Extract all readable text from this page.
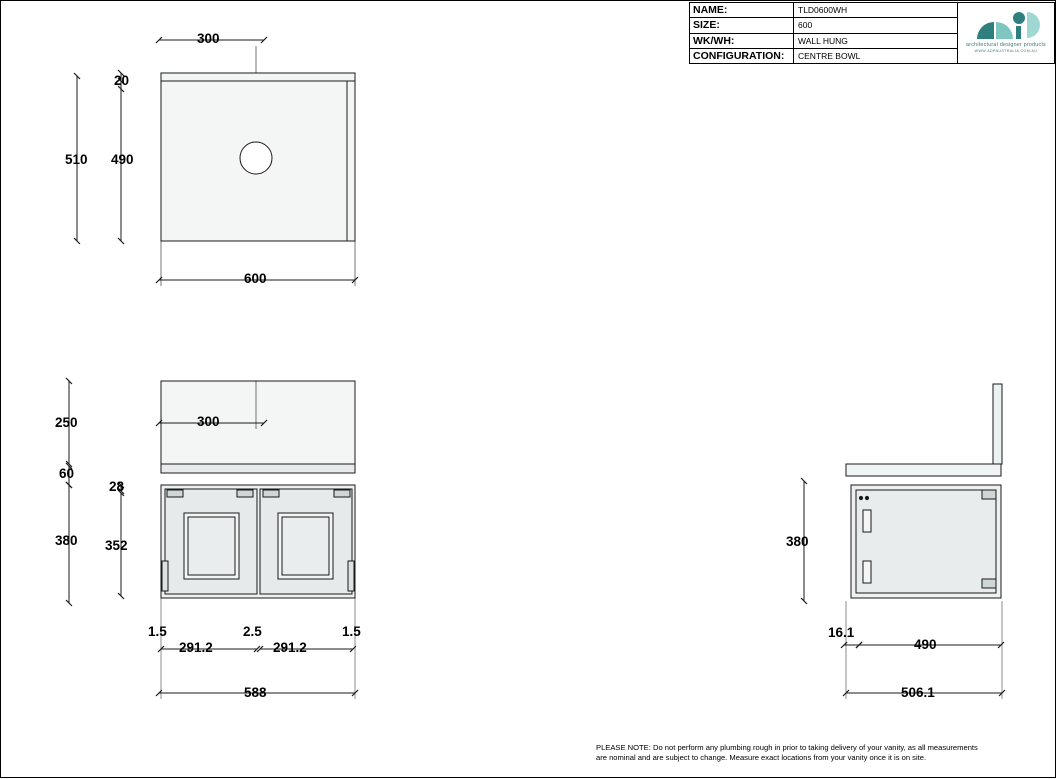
NAME:	TLD0600WH
SIZE:	600
WK/WH:	WALL HUNG
CONFIGURATION:	CENTRE BOWL
architectural designer products
WWW.ADPAUSTRALIA.COM.AU
300
510 490
20
600
300
250
60
28
380 352
1.5	2.5	1.5
291.2	291.2
588
380
16.1
490
506.1
PLEASE NOTE: Do not perform any plumbing rough in prior to taking delivery of your vanity, as all measurements
are nominal and are subject to change. Measure exact locations from your vanity once it is on site.
